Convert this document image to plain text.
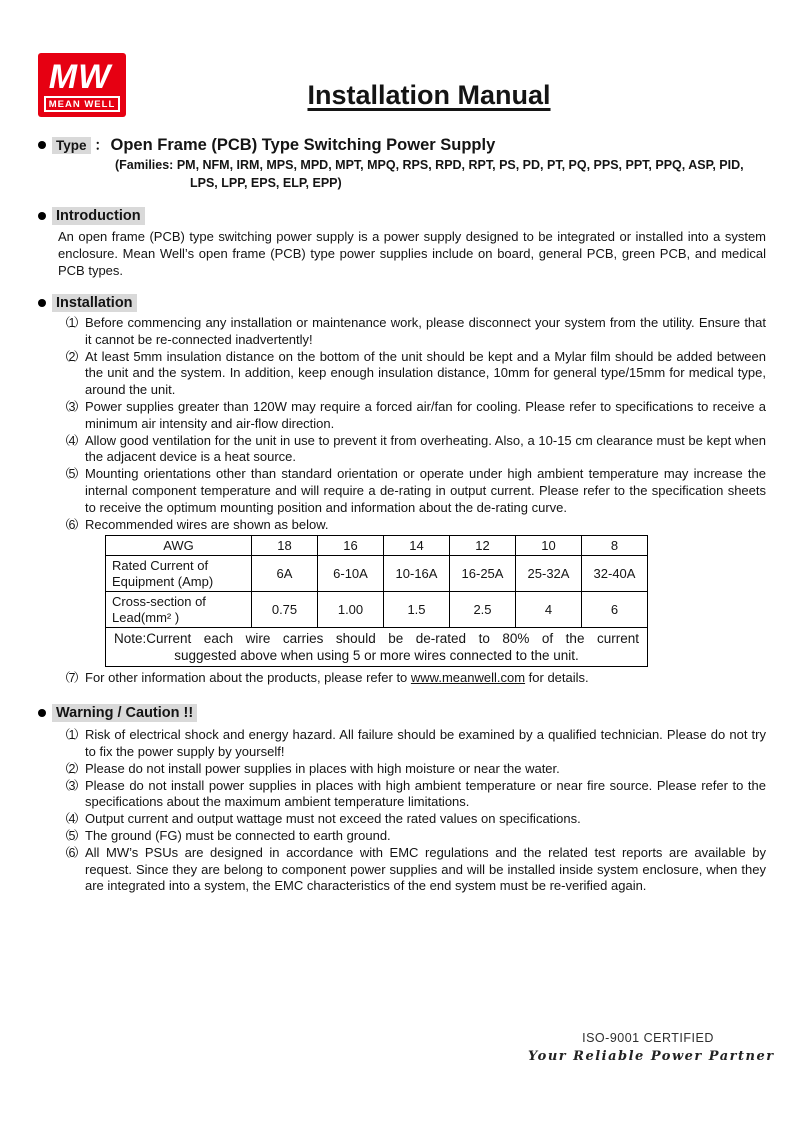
MW
MEAN WELL	Installation Manual
Type ： Open Frame (PCB) Type Switching Power Supply
(Families: PM, NFM, IRM, MPS, MPD, MPT, MPQ, RPS, RPD, RPT, PS, PD, PT, PQ, PPS, PPT, PPQ, ASP, PID,
LPS, LPP, EPS, ELP, EPP)
Introduction
An open frame (PCB) type switching power supply is a power supply designed to be integrated or installed into a system enclosure. Mean Well’s open frame (PCB) type power supplies include on board, general PCB, green PCB, and medical PCB types.
Installation
（1） Before commencing any installation or maintenance work, please disconnect your system from the utility. Ensure that it cannot be re-connected inadvertently!
（2） At least 5mm insulation distance on the bottom of the unit should be kept and a Mylar film should be added between the unit and the system. In addition, keep enough insulation distance, 10mm for general type/15mm for medical type, around the unit.
（3） Power supplies greater than 120W may require a forced air/fan for cooling. Please refer to specifications to receive a minimum air intensity and air-flow direction.
（4） Allow good ventilation for the unit in use to prevent it from overheating. Also, a 10-15 cm clearance must be kept when the adjacent device is a heat source.
（5） Mounting orientations other than standard orientation or operate under high ambient temperature may increase the internal component temperature and will require a de-rating in output current. Please refer to the specification sheets to receive the optimum mounting position and information about the de-rating curve.
（6） Recommended wires are shown as below.
AWG	18	16	14	12	10	8
Rated Current of Equipment (Amp)	6A	6-10A	10-16A	16-25A	25-32A	32-40A
Cross-section of Lead(mm² )	0.75	1.00	1.5	2.5	4	6

Note:Current each wire carries should be de-rated to 80% of the current
suggested above when using 5 or more wires connected to the unit.						
（7） For other information about the products, please refer to www.meanwell.com for details.
Warning / Caution !!
（1） Risk of electrical shock and energy hazard. All failure should be examined by a qualified technician. Please do not try to fix the power supply by yourself!
（2） Please do not install power supplies in places with high moisture or near the water.
（3） Please do not install power supplies in places with high ambient temperature or near fire source. Please refer to the specifications about the maximum ambient temperature limitations.
（4） Output current and output wattage must not exceed the rated values on specifications.
（5） The ground (FG) must be connected to earth ground.
（6） All MW’s PSUs are designed in accordance with EMC regulations and the related test reports are available by request. Since they are belong to component power supplies and will be installed inside system enclosure, when they are integrated into a system, the EMC characteristics of the end system must be re-verified again.
ISO-9001 CERTIFIED
Your Reliable Power Partner
